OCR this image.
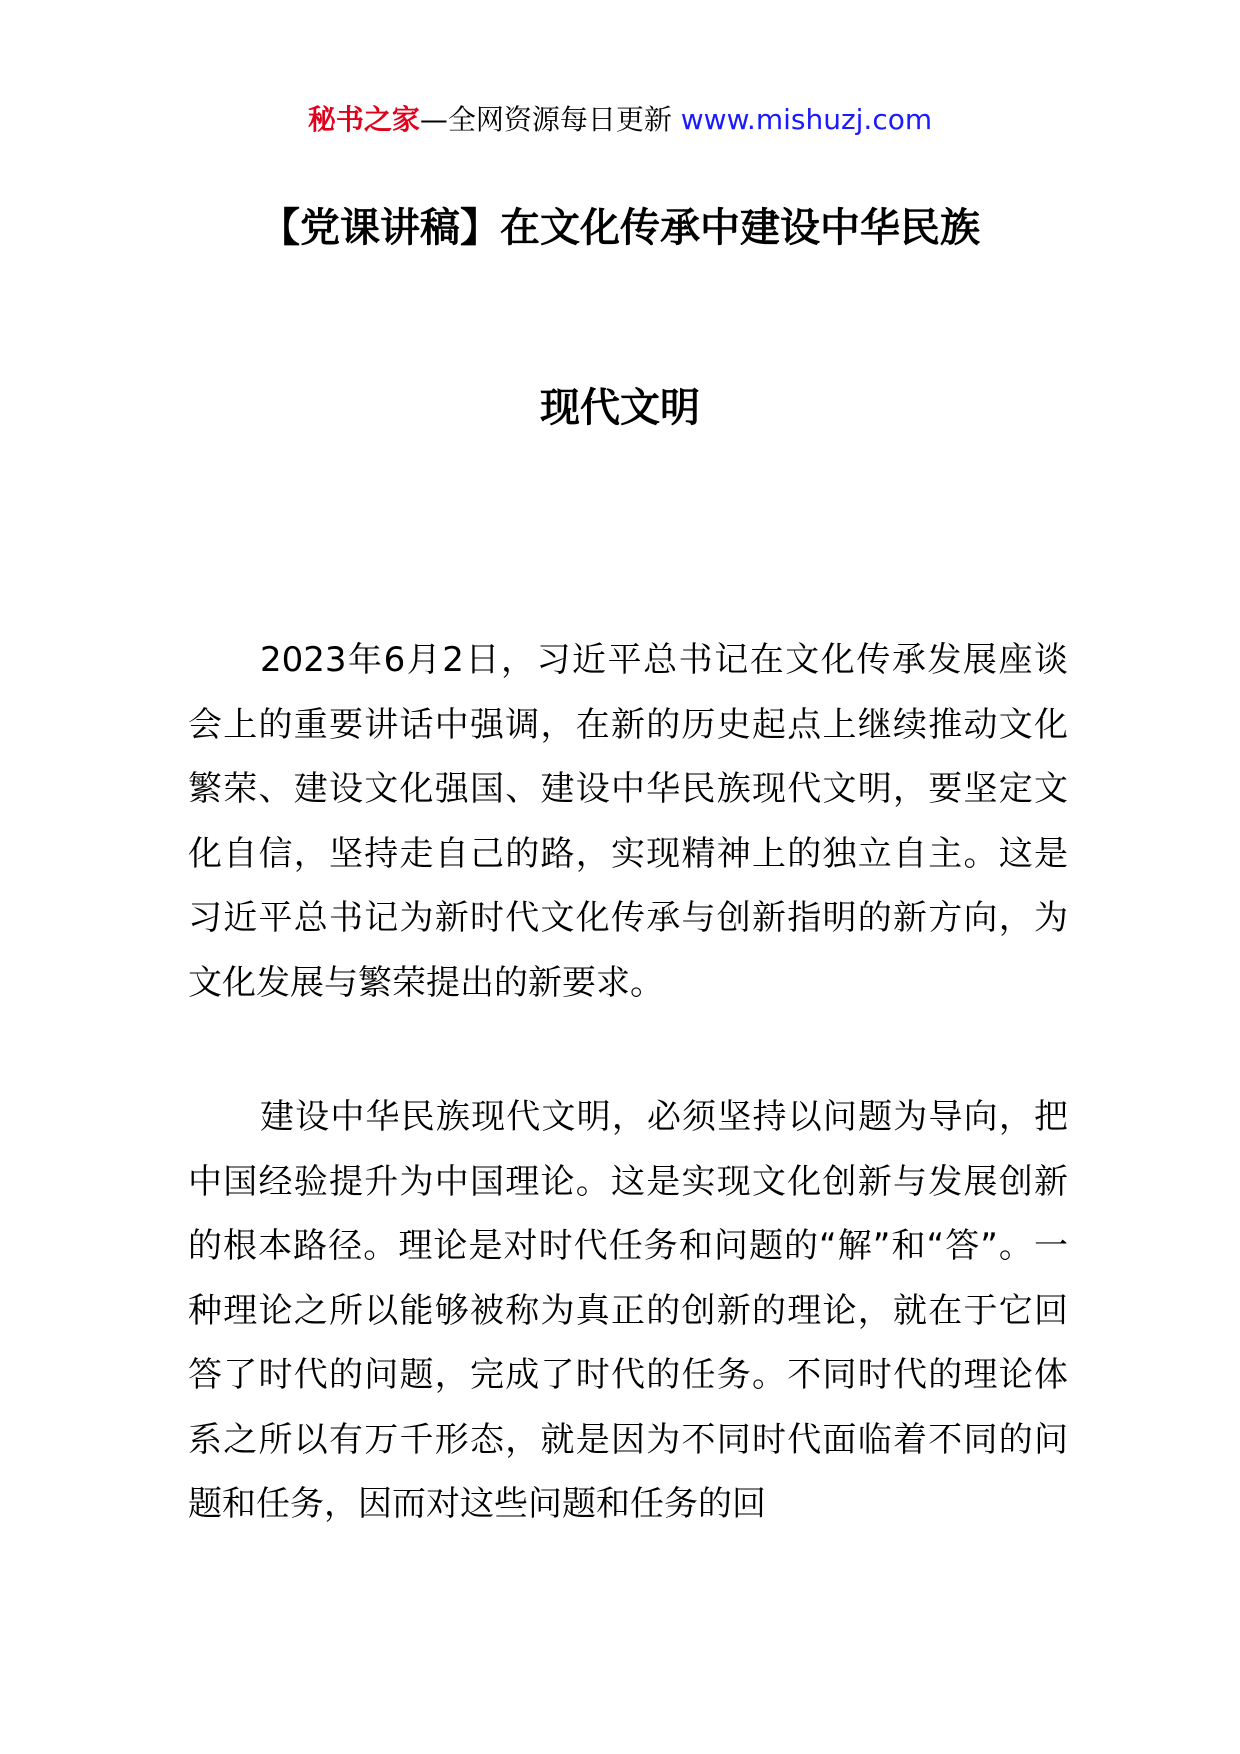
秘书之家—全网资源每日更新 www.mishuzj.com
【党课讲稿】在文化传承中建设中华民族
现代文明

2023年6月2日，习近平总书记在文化传承发展座谈会上的重要讲话中强调，在新的历史起点上继续推动文化繁荣、建设文化强国、建设中华民族现代文明，要坚定文化自信，坚持走自己的路，实现精神上的独立自主。这是习近平总书记为新时代文化传承与创新指明的新方向，为文化发展与繁荣提出的新要求。

建设中华民族现代文明，必须坚持以问题为导向，把中国经验提升为中国理论。这是实现文化创新与发展创新的根本路径。理论是对时代任务和问题的“解”和“答”。一种理论之所以能够被称为真正的创新的理论，就在于它回答了时代的问题，完成了时代的任务。不同时代的理论体系之所以有万千形态，就是因为不同时代面临着不同的问题和任务，因而对这些问题和任务的回
